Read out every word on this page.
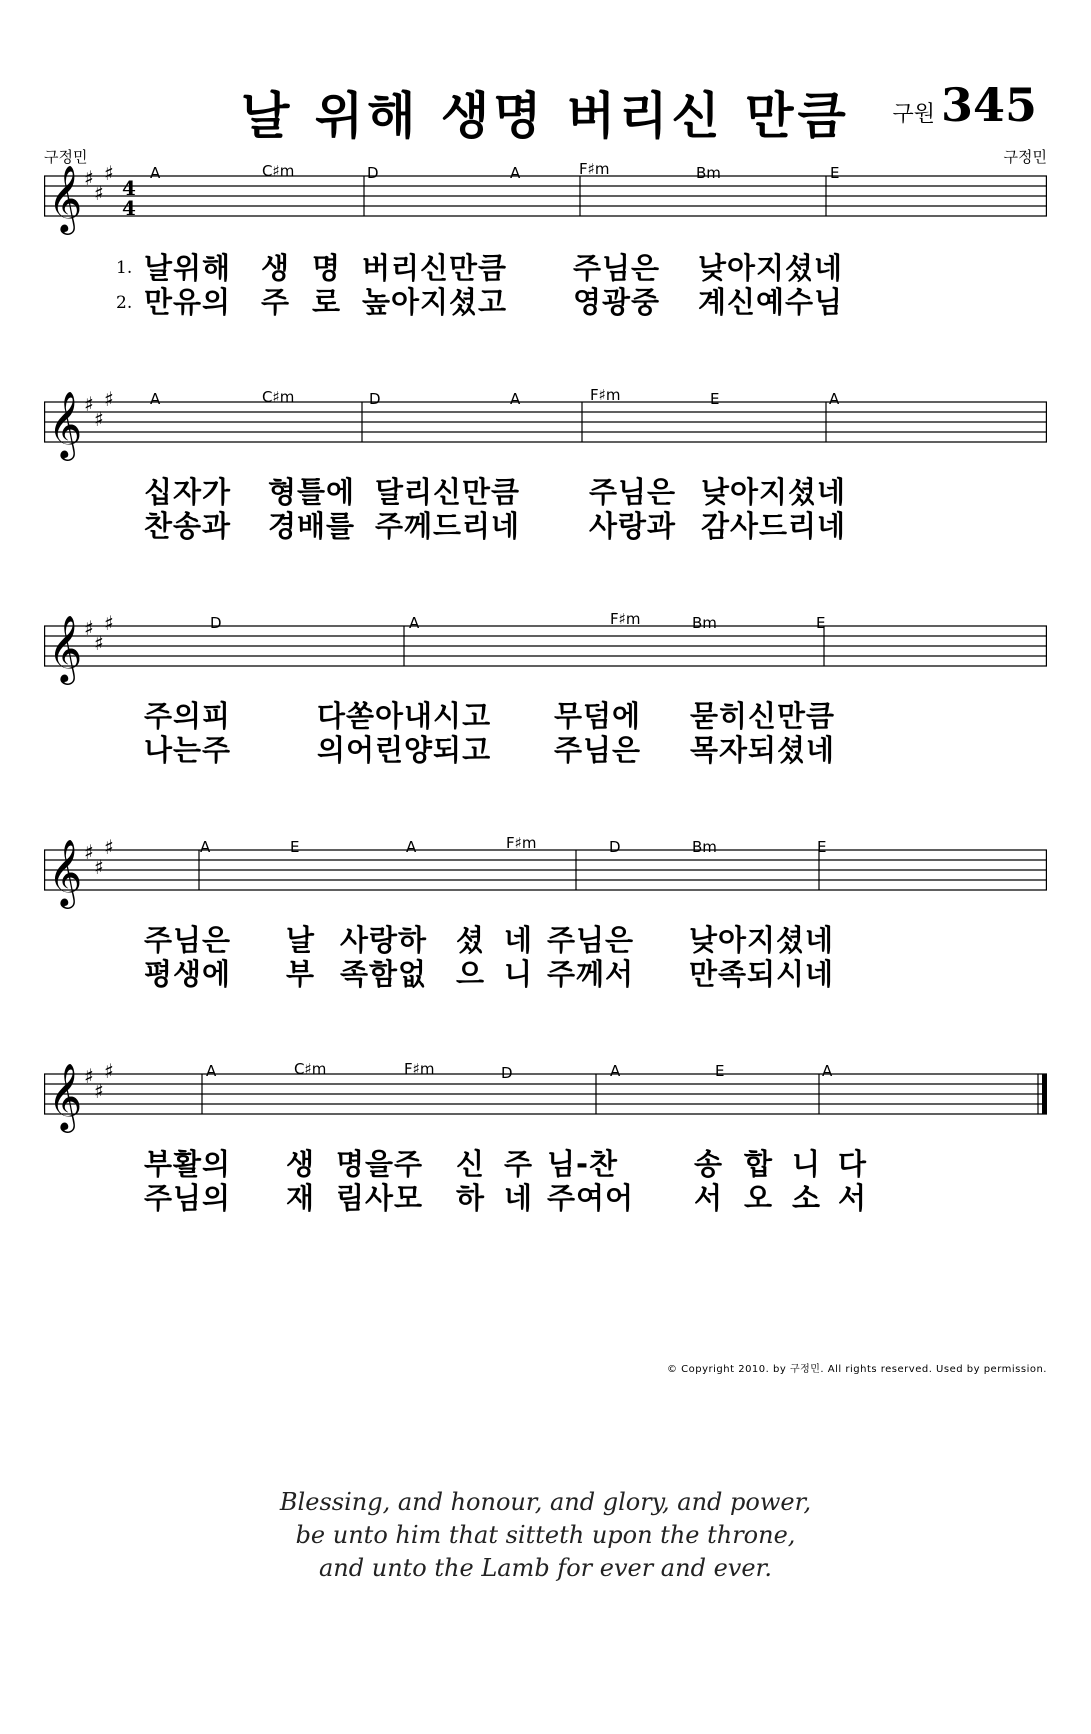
날 위해 생명 버리신 만큼	구원 345
구정민	구정민
𝄞 ♯
♯
♯
4
4
A	C♯m	D	A	F♯m	Bm	E
1.
2.
날위해 생 명 버리신만큼 주님은 낮아지셨네
만유의 주 로 높아지셨고 영광중 계신예수님
𝄞 ♯
♯
♯ A	C♯m	D	A	F♯m	E	A
십자가 형틀에 달리신만큼 주님은 낮아지셨네
찬송과 경배를 주께드리네 사랑과 감사드리네
𝄞 ♯
♯
♯	D	A	F♯m	Bm	E
주의피	다쏟아내시고 무덤에 묻히신만큼
나는주	의어린양되고 주님은 목자되셨네
𝄞 ♯
♯
♯	A	E	A	F♯m	D	Bm	E
주님은 날 사랑하 셨 네 주님은 낮아지셨네
평생에 부 족함없 으 니 주께서 만족되시네
𝄞 ♯
♯
♯	A	C♯m	F♯m	D	A	E	A
부활의 생 명을주 신 주 님-찬	송 합 니 다
주님의 재 림사모 하 네 주여어 서 오 소 서
© Copyright 2010. by 구정민. All rights reserved. Used by permission.
Blessing, and honour, and glory, and power,
be unto him that sitteth upon the throne,
and unto the Lamb for ever and ever.
